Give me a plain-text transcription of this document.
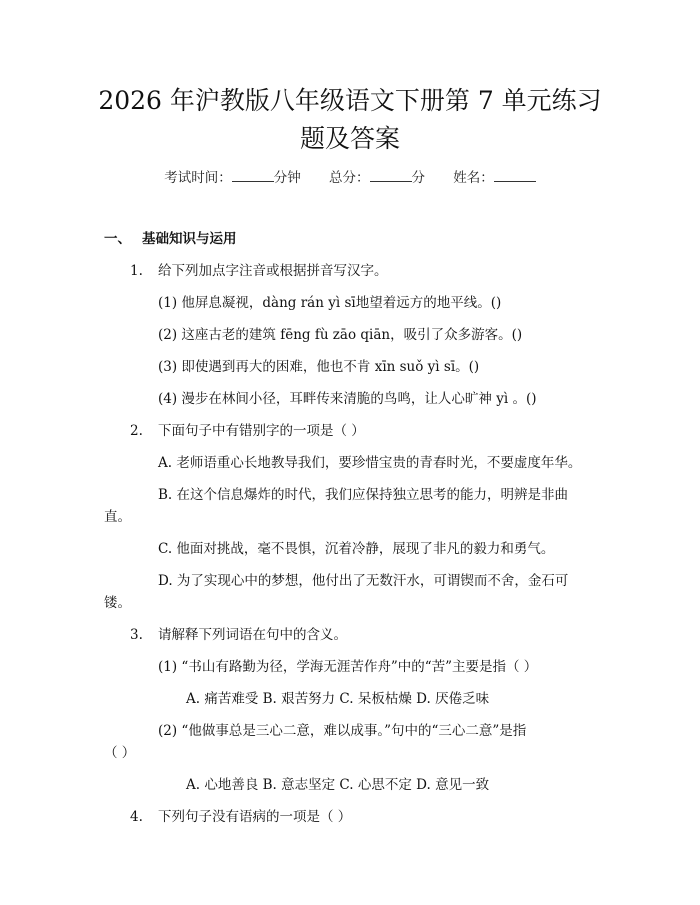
2026 年沪教版八年级语文下册第 7 单元练习
题及答案
考试时间：	分钟 总分：	分 姓名：
一、 基础知识与运用
1. 给下列加点字注音或根据拼音写汉字。
(1) 他屏息凝视，dàng rán yì sī地望着远方的地平线。()
(2) 这座古老的建筑 fēng fù zāo qiān，吸引了众多游客。()
(3) 即使遇到再大的困难，他也不肯 xīn suǒ yì sī。()
(4) 漫步在林间小径，耳畔传来清脆的鸟鸣，让人心旷神 yì 。()
2. 下面句子中有错别字的一项是（ ）
A. 老师语重心长地教导我们，要珍惜宝贵的青春时光，不要虚度年华。
B. 在这个信息爆炸的时代，我们应保持独立思考的能力，明辨是非曲
直。
C. 他面对挑战，毫不畏惧，沉着冷静，展现了非凡的毅力和勇气。
D. 为了实现心中的梦想，他付出了无数汗水，可谓锲而不舍，金石可
镂。
3. 请解释下列词语在句中的含义。
(1) “书山有路勤为径，学海无涯苦作舟”中的“苦”主要是指（ ）
A. 痛苦难受 B. 艰苦努力 C. 呆板枯燥 D. 厌倦乏味
(2) “他做事总是三心二意，难以成事。”句中的“三心二意”是指
（ ）
A. 心地善良 B. 意志坚定 C. 心思不定 D. 意见一致
4. 下列句子没有语病的一项是（ ）
